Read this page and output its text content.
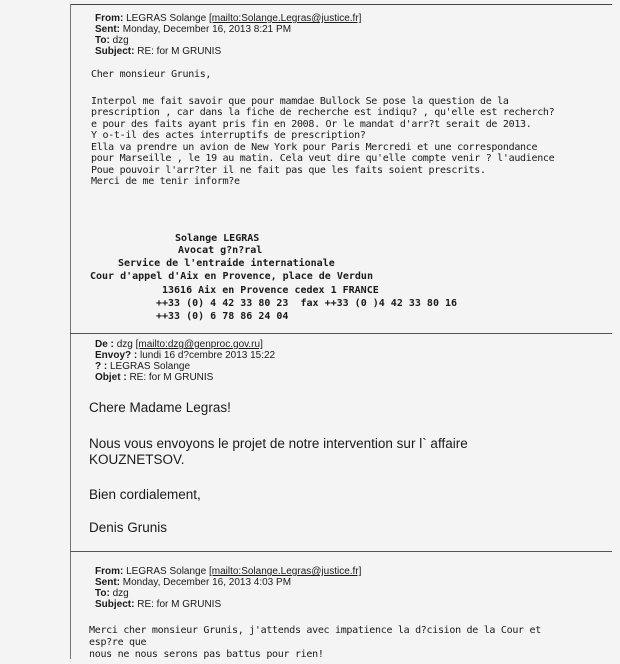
From: LEGRAS Solange [mailto:Solange.Legras@justice.fr]
Sent: Monday, December 16, 2013 8:21 PM
To: dzg
Subject: RE: for M GRUNIS

Cher monsieur Grunis,

Interpol me fait savoir que pour mamdae Bullock Se pose la question de la

prescription , car dans la fiche de recherche est indiqu? , qu'elle est recherch?

e pour des faits ayant pris fin en 2008. Or le mandat d'arr?t serait de 2013.

Y o-t-il des actes interruptifs de prescription?

Ella va prendre un avion de New York pour Paris Mercredi et une correspondance

pour Marseille , le 19 au matin. Cela veut dire qu'elle compte venir ? l'audience

Poue pouvoir l'arr?ter il ne fait pas que les faits soient prescrits.

Merci de me tenir inform?e

Solange LEGRAS
Avocat g?n?ral
Service de l'entraide internationale
Cour d'appel d'Aix en Provence, place de Verdun
13616 Aix en Provence cedex 1 FRANCE
++33 (0) 4 42 33 80 23  fax ++33 (0 )4 42 33 80 16
++33 (0) 6 78 86 24 04
De : dzg [mailto:dzg@genproc.gov.ru]
Envoy? : lundi 16 d?cembre 2013 15:22
? : LEGRAS Solange
Objet : RE: for M GRUNIS
Chere Madame Legras!
Nous vous envoyons le projet de notre intervention sur l` affaire
KOUZNETSOV.
Bien cordialement,
Denis Grunis
From: LEGRAS Solange [mailto:Solange.Legras@justice.fr]
Sent: Monday, December 16, 2013 4:03 PM
To: dzg
Subject: RE: for M GRUNIS

Merci cher monsieur Grunis, j'attends avec impatience la d?cision de la Cour et

esp?re que

nous ne nous serons pas battus pour rien!
